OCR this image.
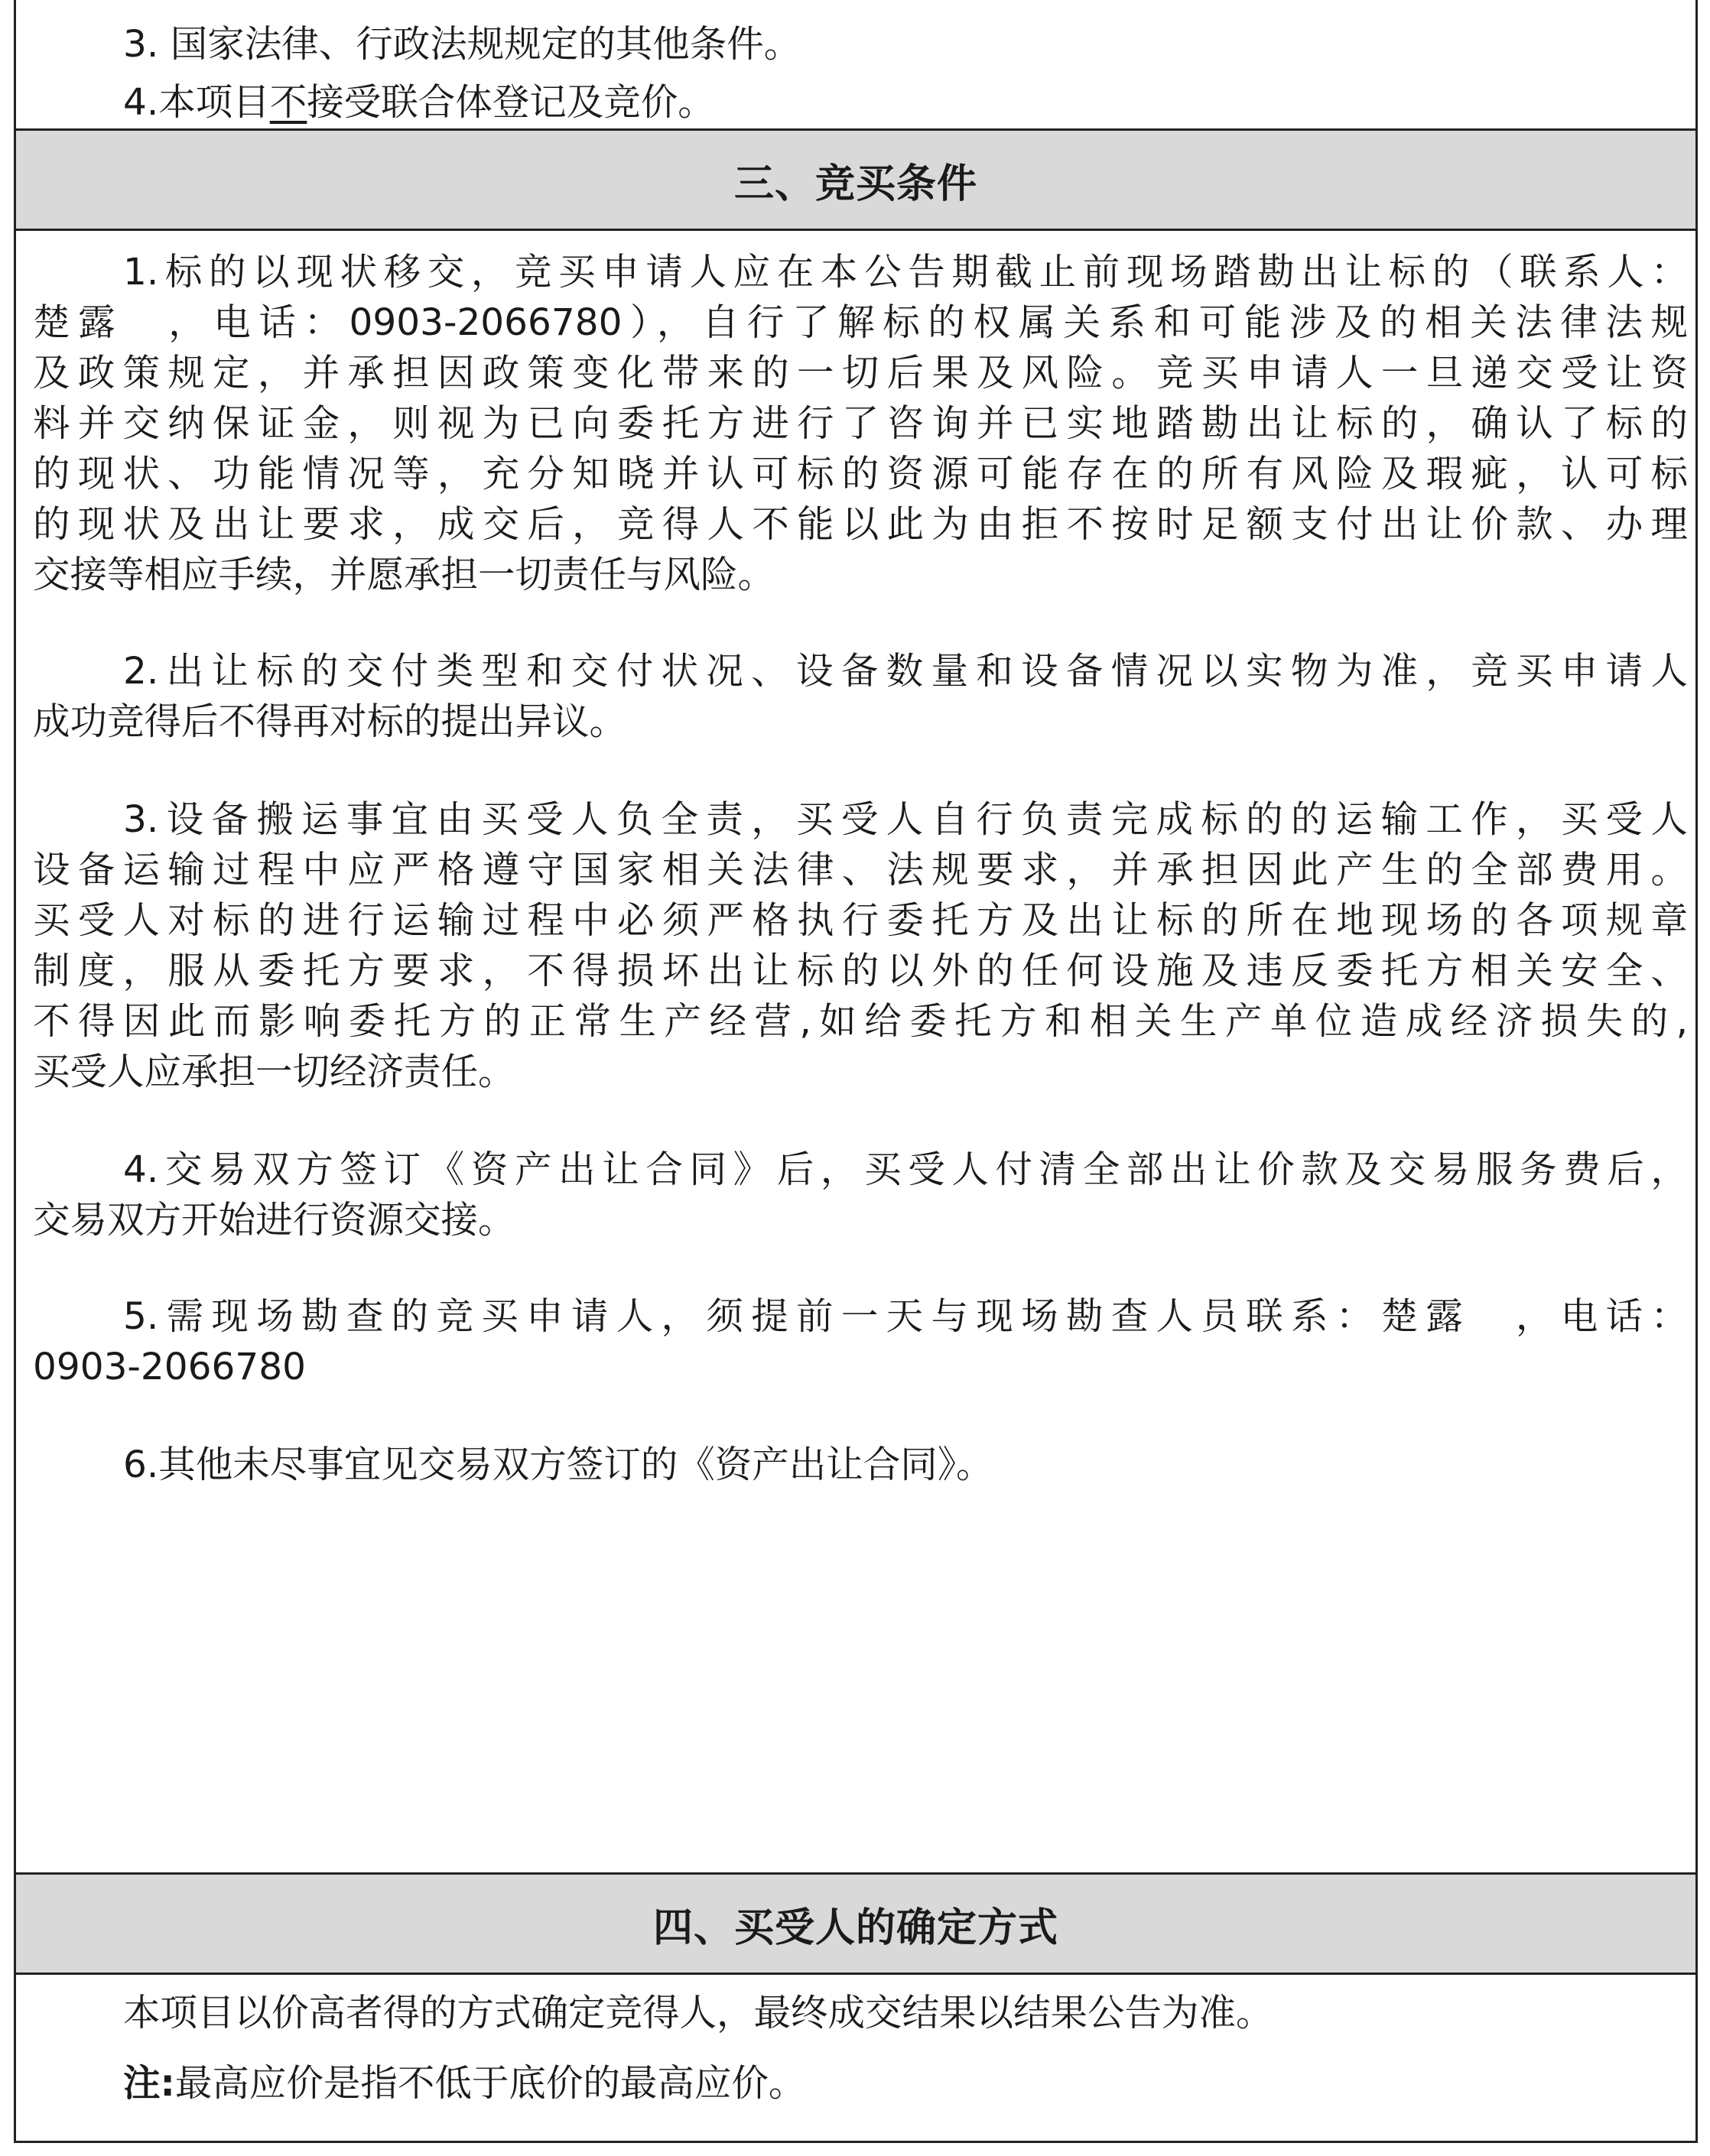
3. 国家法律、行政法规规定的其他条件。
4.本项目不接受联合体登记及竞价。
三、竞买条件
1.标的以现状移交，竞买申请人应在本公告期截止前现场踏勘出让标的（联系人：
楚露　，电话：0903-2066780），自行了解标的权属关系和可能涉及的相关法律法规
及政策规定，并承担因政策变化带来的一切后果及风险。竞买申请人一旦递交受让资
料并交纳保证金，则视为已向委托方进行了咨询并已实地踏勘出让标的，确认了标的
的现状、功能情况等，充分知晓并认可标的资源可能存在的所有风险及瑕疵，认可标
的现状及出让要求，成交后，竞得人不能以此为由拒不按时足额支付出让价款、办理
交接等相应手续，并愿承担一切责任与风险。
2.出让标的交付类型和交付状况、设备数量和设备情况以实物为准，竞买申请人
成功竞得后不得再对标的提出异议。
3.设备搬运事宜由买受人负全责，买受人自行负责完成标的的运输工作，买受人
设备运输过程中应严格遵守国家相关法律、法规要求，并承担因此产生的全部费用。
买受人对标的进行运输过程中必须严格执行委托方及出让标的所在地现场的各项规章
制度，服从委托方要求，不得损坏出让标的以外的任何设施及违反委托方相关安全、
不得因此而影响委托方的正常生产经营,如给委托方和相关生产单位造成经济损失的,
买受人应承担一切经济责任。
4.交易双方签订《资产出让合同》后，买受人付清全部出让价款及交易服务费后，
交易双方开始进行资源交接。
5.需现场勘查的竞买申请人，须提前一天与现场勘查人员联系：楚露　，电话：
0903-2066780
6.其他未尽事宜见交易双方签订的《资产出让合同》。
四、买受人的确定方式
本项目以价高者得的方式确定竞得人，最终成交结果以结果公告为准。
注:最高应价是指不低于底价的最高应价。
